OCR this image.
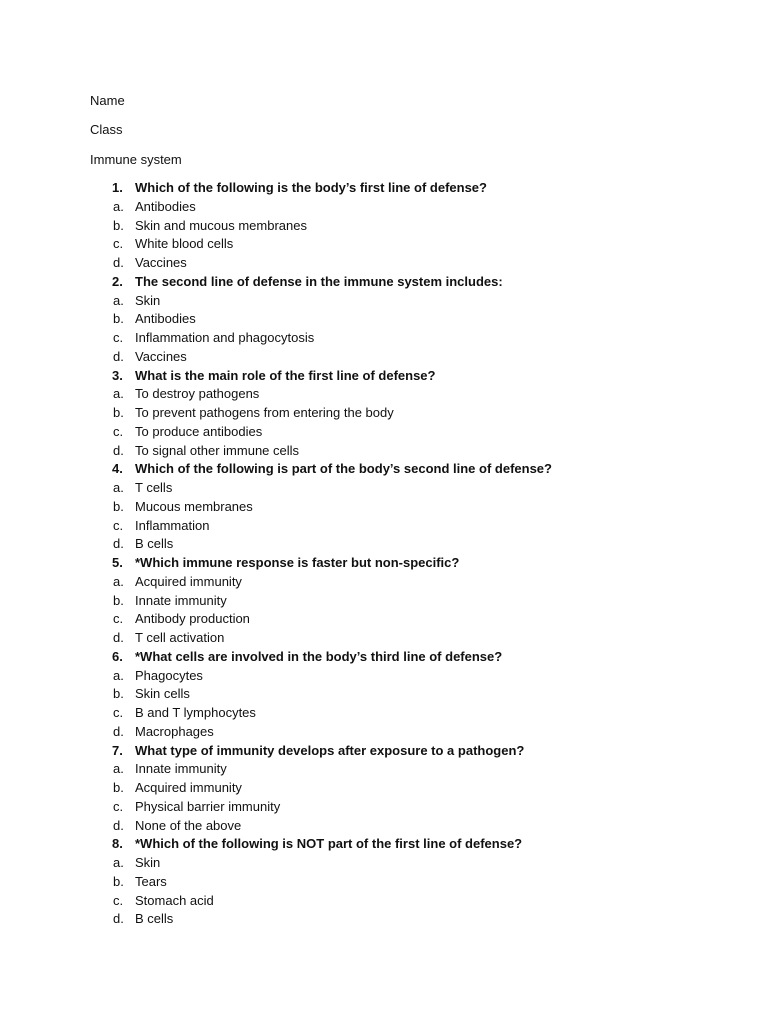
Name
Class
Immune system
1. Which of the following is the body’s first line of defense?
a. Antibodies
b. Skin and mucous membranes
c. White blood cells
d. Vaccines
2. The second line of defense in the immune system includes:
a. Skin
b. Antibodies
c. Inflammation and phagocytosis
d. Vaccines
3. What is the main role of the first line of defense?
a. To destroy pathogens
b. To prevent pathogens from entering the body
c. To produce antibodies
d. To signal other immune cells
4. Which of the following is part of the body’s second line of defense?
a. T cells
b. Mucous membranes
c. Inflammation
d. B cells
5. *Which immune response is faster but non-specific?
a. Acquired immunity
b. Innate immunity
c. Antibody production
d. T cell activation
6. *What cells are involved in the body’s third line of defense?
a. Phagocytes
b. Skin cells
c. B and T lymphocytes
d. Macrophages
7. What type of immunity develops after exposure to a pathogen?
a. Innate immunity
b. Acquired immunity
c. Physical barrier immunity
d. None of the above
8. *Which of the following is NOT part of the first line of defense?
a. Skin
b. Tears
c. Stomach acid
d. B cells
